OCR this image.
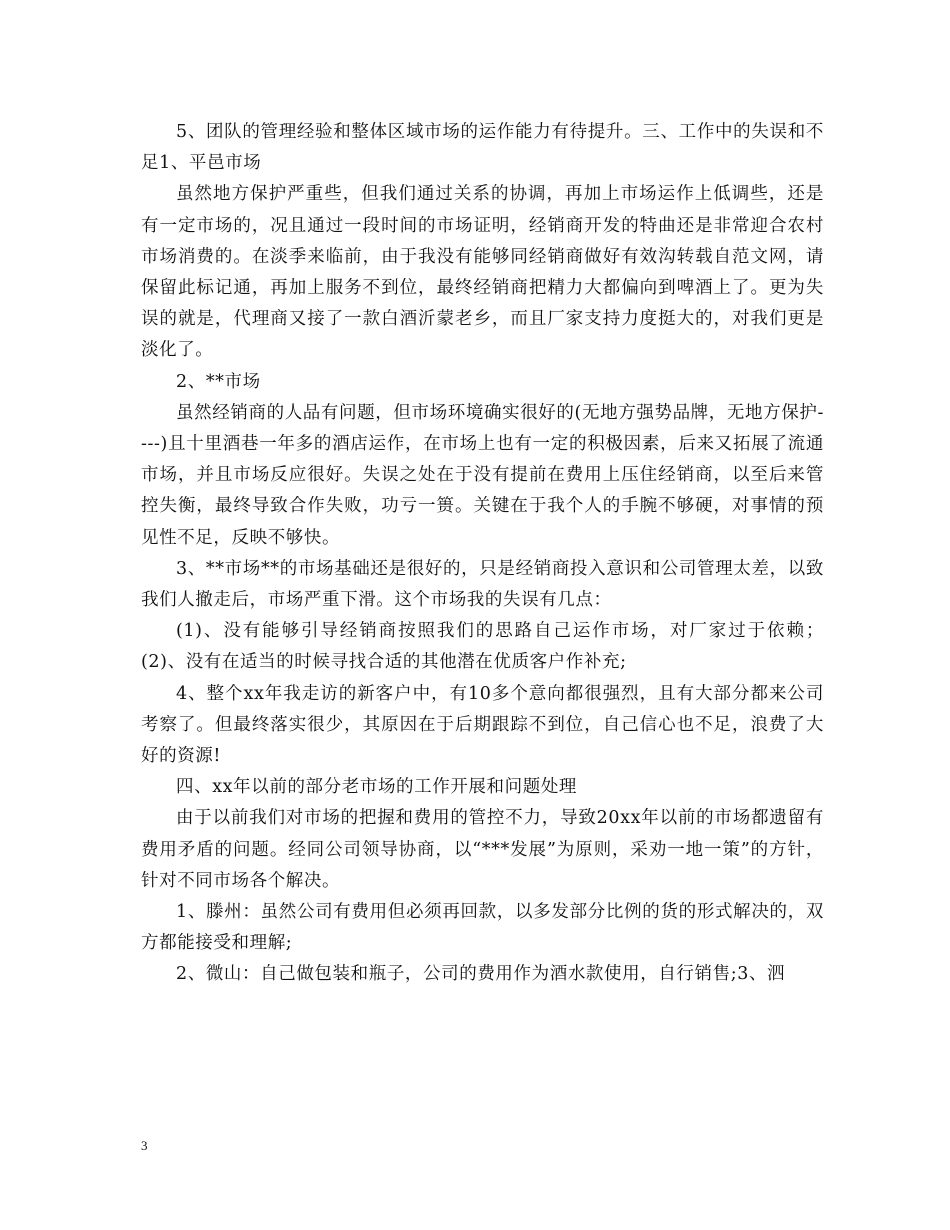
5、团队的管理经验和整体区域市场的运作能力有待提升。三、工作中的失误和不足1、平邑市场

虽然地方保护严重些，但我们通过关系的协调，再加上市场运作上低调些，还是有一定市场的，况且通过一段时间的市场证明，经销商开发的特曲还是非常迎合农村市场消费的。在淡季来临前，由于我没有能够同经销商做好有效沟转载自范文网，请保留此标记通，再加上服务不到位，最终经销商把精力大都偏向到啤酒上了。更为失误的就是，代理商又接了一款白酒沂蒙老乡，而且厂家支持力度挺大的，对我们更是淡化了。

2、**市场

虽然经销商的人品有问题，但市场环境确实很好的(无地方强势品牌，无地方保护----)且十里酒巷一年多的酒店运作，在市场上也有一定的积极因素，后来又拓展了流通市场，并且市场反应很好。失误之处在于没有提前在费用上压住经销商，以至后来管控失衡，最终导致合作失败，功亏一篑。关键在于我个人的手腕不够硬，对事情的预见性不足，反映不够快。

3、**市场**的市场基础还是很好的，只是经销商投入意识和公司管理太差，以致我们人撤走后，市场严重下滑。这个市场我的失误有几点：

(1)、没有能够引导经销商按照我们的思路自己运作市场，对厂家过于依赖；(2)、没有在适当的时候寻找合适的其他潜在优质客户作补充;

4、整个xx年我走访的新客户中，有10多个意向都很强烈，且有大部分都来公司考察了。但最终落实很少，其原因在于后期跟踪不到位，自己信心也不足，浪费了大好的资源!

四、xx年以前的部分老市场的工作开展和问题处理

由于以前我们对市场的把握和费用的管控不力，导致20xx年以前的市场都遗留有费用矛盾的问题。经同公司领导协商，以“***发展”为原则，采劝一地一策”的方针，针对不同市场各个解决。

1、滕州：虽然公司有费用但必须再回款，以多发部分比例的货的形式解决的，双方都能接受和理解;

2、微山：自己做包装和瓶子，公司的费用作为酒水款使用，自行销售;3、泗

3
